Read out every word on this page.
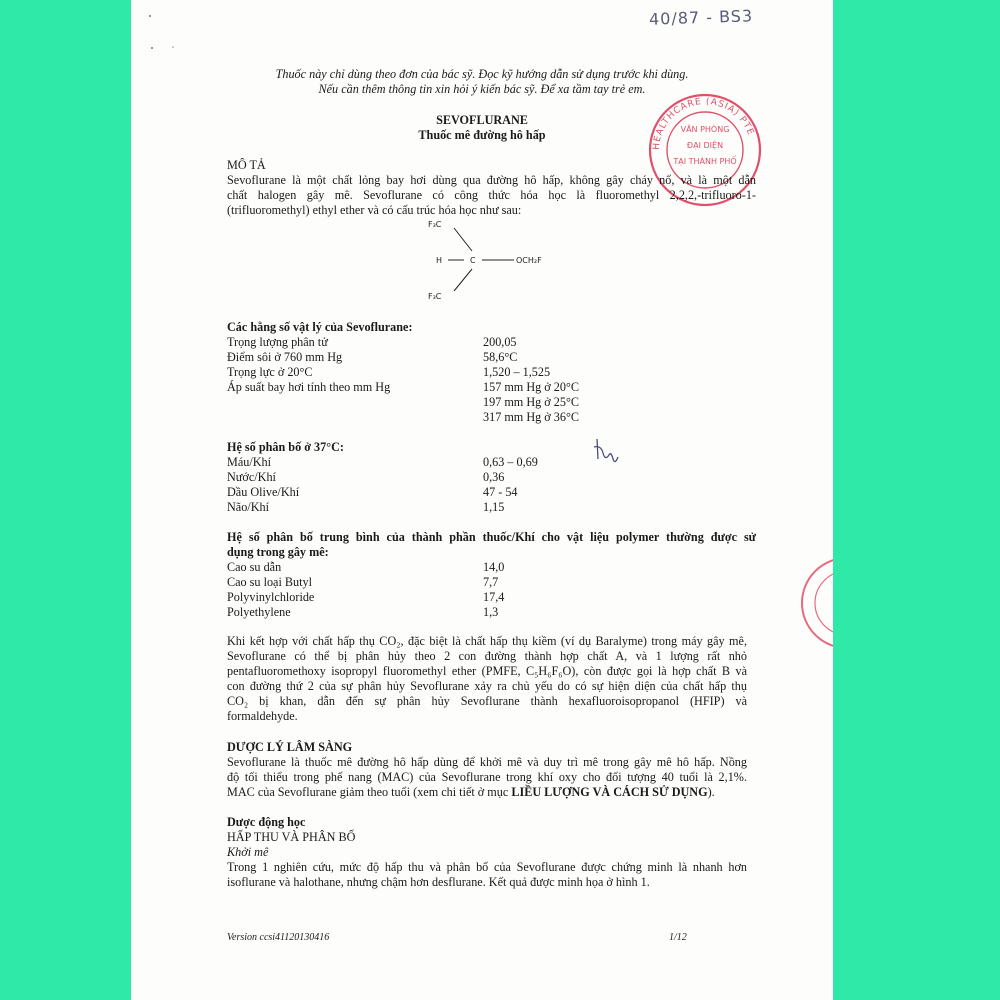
40/87 - BS3
Thuốc này chỉ dùng theo đơn của bác sỹ. Đọc kỹ hướng dẫn sử dụng trước khi dùng.
Nếu cần thêm thông tin xin hỏi ý kiến bác sỹ. Để xa tầm tay trẻ em.
SEVOFLURANE
Thuốc mê đường hô hấp
HEALTHCARE (ASIA) PTE
VĂN PHÒNG
ĐẠI DIỆN
TẠI THÀNH PHỐ
MÔ TẢ
Sevoflurane là một chất lỏng bay hơi dùng qua đường hô hấp, không gây cháy nổ, và là một dẫn
chất halogen gây mê. Sevoflurane có công thức hóa học là fluoromethyl 2,2,2,-trifluoro-1-
(trifluoromethyl) ethyl ether và có cấu trúc hóa học như sau:
F₃C
H	C	OCH₂F
F₃C
Các hằng số vật lý của Sevoflurane:
Trọng lượng phân tử	200,05
Điểm sôi ở 760 mm Hg	58,6°C
Trọng lực ở 20°C	1,520 – 1,525
Áp suất bay hơi tính theo mm Hg	157 mm Hg ở 20°C
197 mm Hg ở 25°C
317 mm Hg ở 36°C
Hệ số phân bố ở 37°C:
Máu/Khí	0,63 – 0,69
Nước/Khí	0,36
Dầu Olive/Khí	47 - 54
Não/Khí	1,15
Hệ số phân bố trung bình của thành phần thuốc/Khí cho vật liệu polymer thường được sử
dụng trong gây mê:
Cao su dẫn	14,0
Cao su loại Butyl	7,7
Polyvinylchloride	17,4
Polyethylene	1,3
Khi kết hợp với chất hấp thụ CO₂, đặc biệt là chất hấp thụ kiềm (ví dụ Baralyme) trong máy gây mê,
Sevoflurane có thể bị phân hủy theo 2 con đường thành hợp chất A, và 1 lượng rất nhỏ
pentafluoromethoxy isopropyl fluoromethyl ether (PMFE, C₅H₆F₆O), còn được gọi là hợp chất B và
con đường thứ 2 của sự phân hủy Sevoflurane xảy ra chủ yếu do có sự hiện diện của chất hấp thụ
CO₂ bị khan, dẫn đến sự phân hủy Sevoflurane thành hexafluoroisopropanol (HFIP) và
formaldehyde.
DƯỢC LÝ LÂM SÀNG
Sevoflurane là thuốc mê đường hô hấp dùng để khởi mê và duy trì mê trong gây mê hô hấp. Nồng
độ tối thiểu trong phế nang (MAC) của Sevoflurane trong khí oxy cho đối tượng 40 tuổi là 2,1%.
MAC của Sevoflurane giảm theo tuổi (xem chi tiết ở mục LIỀU LƯỢNG VÀ CÁCH SỬ DỤNG).
Dược động học
HẤP THU VÀ PHÂN BỐ
Khởi mê
Trong 1 nghiên cứu, mức độ hấp thu và phân bố của Sevoflurane được chứng minh là nhanh hơn
isoflurane và halothane, nhưng chậm hơn desflurane. Kết quả được minh họa ở hình 1.
Version ccsi41120130416	1/12
